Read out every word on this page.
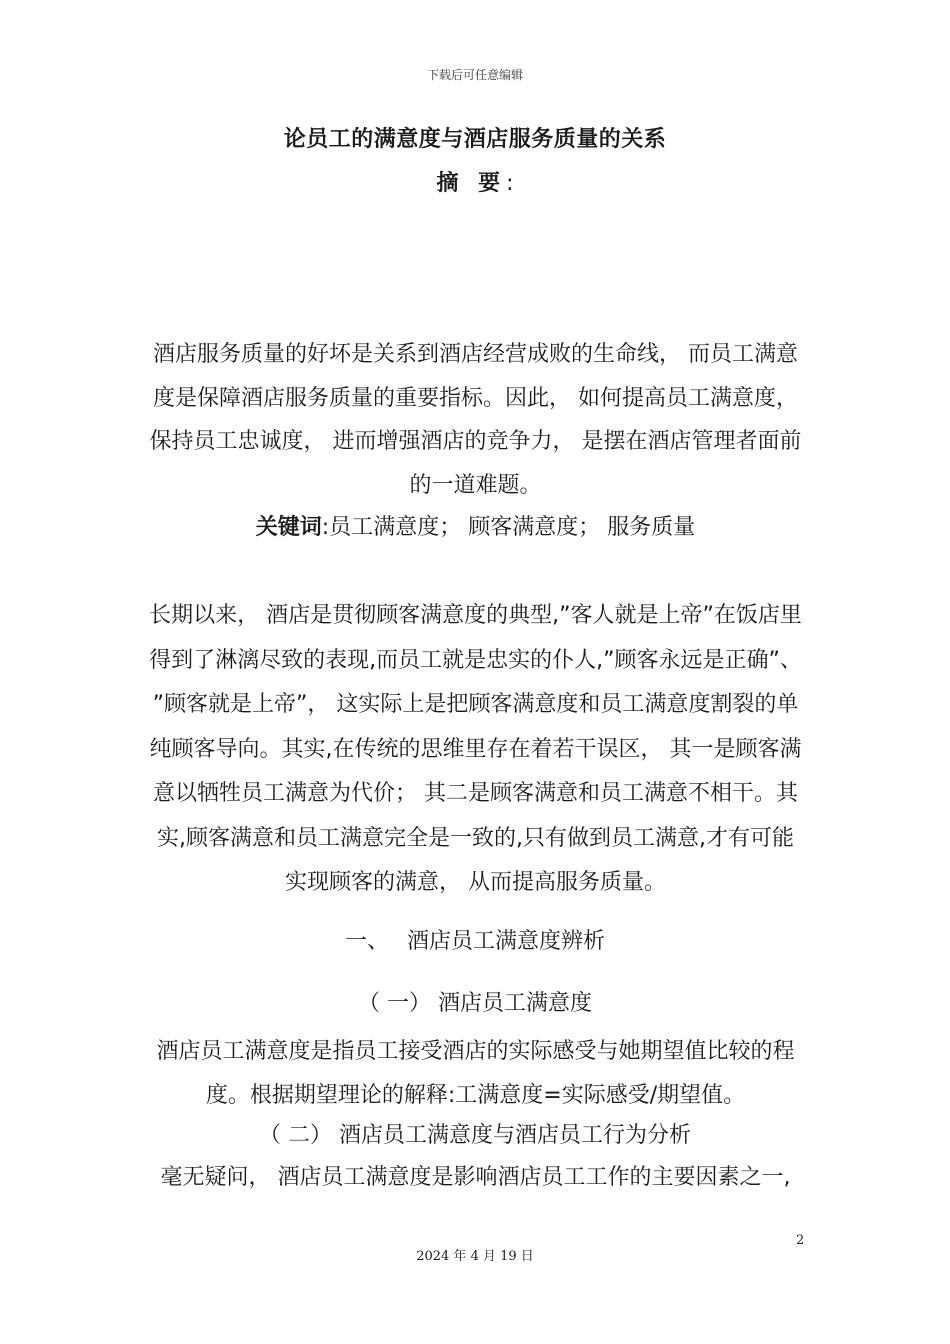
下载后可任意编辑
论员工的满意度与酒店服务质量的关系
摘 要:
酒店服务质量的好坏是关系到酒店经营成败的生命线， 而员工满意度是保障酒店服务质量的重要指标。因此， 如何提高员工满意度， 保持员工忠诚度， 进而增强酒店的竞争力， 是摆在酒店管理者面前的一道难题。
关键词:员工满意度； 顾客满意度； 服务质量
长期以来， 酒店是贯彻顾客满意度的典型,”客人就是上帝”在饭店里得到了淋漓尽致的表现,而员工就是忠实的仆人,”顾客永远是正确”、 ”顾客就是上帝”， 这实际上是把顾客满意度和员工满意度割裂的单纯顾客导向。其实,在传统的思维里存在着若干误区， 其一是顾客满意以牺牲员工满意为代价； 其二是顾客满意和员工满意不相干。其实,顾客满意和员工满意完全是一致的,只有做到员工满意,才有可能实现顾客的满意， 从而提高服务质量。
一、 酒店员工满意度辨析
（ 一） 酒店员工满意度
酒店员工满意度是指员工接受酒店的实际感受与她期望值比较的程度。根据期望理论的解释:工满意度=实际感受/期望值。
（ 二） 酒店员工满意度与酒店员工行为分析
毫无疑问， 酒店员工满意度是影响酒店员工工作的主要因素之一,
2
2024 年 4 月 19 日
